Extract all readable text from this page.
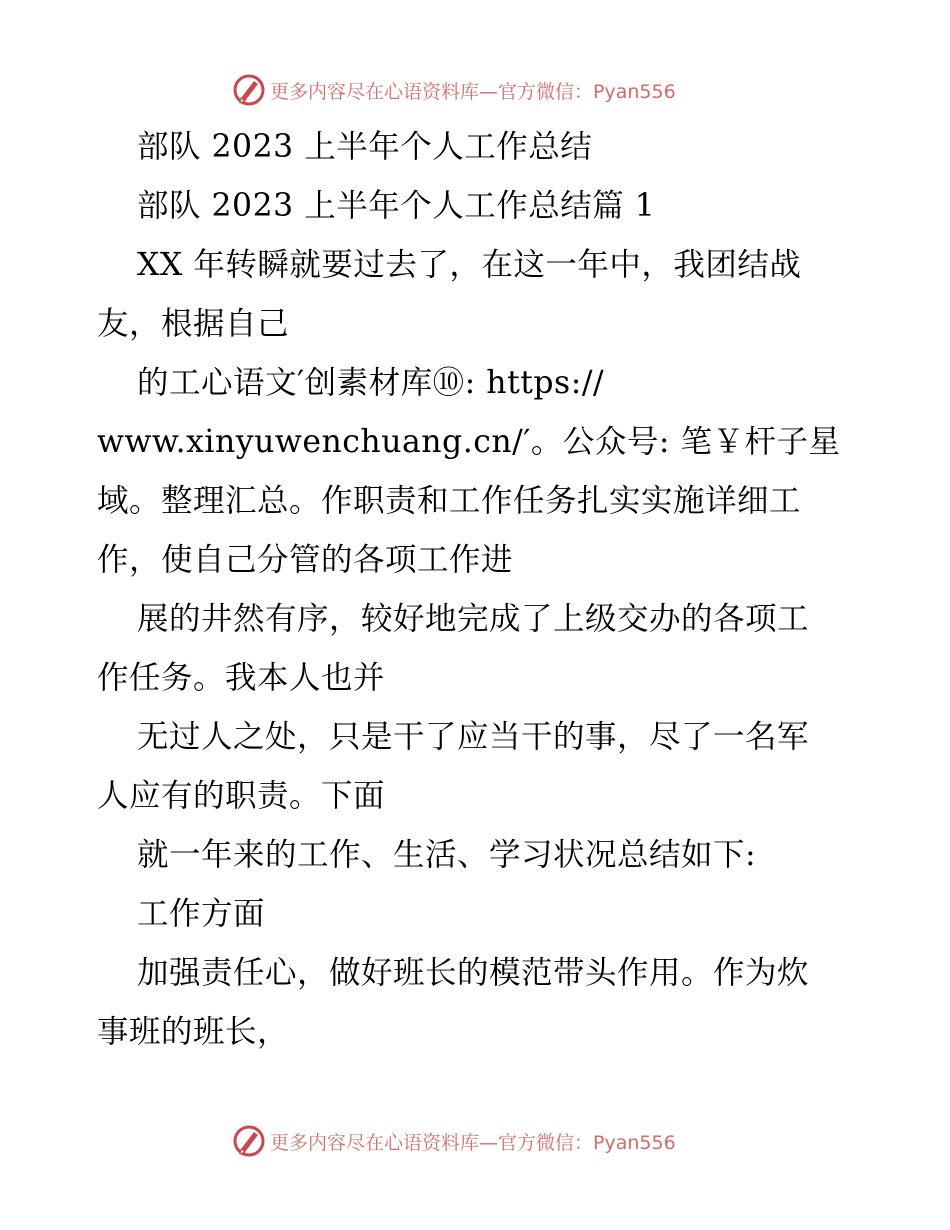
更多内容尽在心语资料库—官方微信：Pyan556
部队 2023 上半年个人工作总结
部队 2023 上半年个人工作总结篇 1
XX 年转瞬就要过去了，在这一年中，我团结战
友，根据自己
的工心语文′创素材库⑩: https://
www.xinyuwenchuang.cn/′。公众号: 笔￥杆子星
域。整理汇总。作职责和工作任务扎实实施详细工
作，使自己分管的各项工作进
展的井然有序，较好地完成了上级交办的各项工
作任务。我本人也并
无过人之处，只是干了应当干的事，尽了一名军
人应有的职责。下面
就一年来的工作、生活、学习状况总结如下:
工作方面
加强责任心，做好班长的模范带头作用。作为炊
事班的班长，
更多内容尽在心语资料库—官方微信：Pyan556
